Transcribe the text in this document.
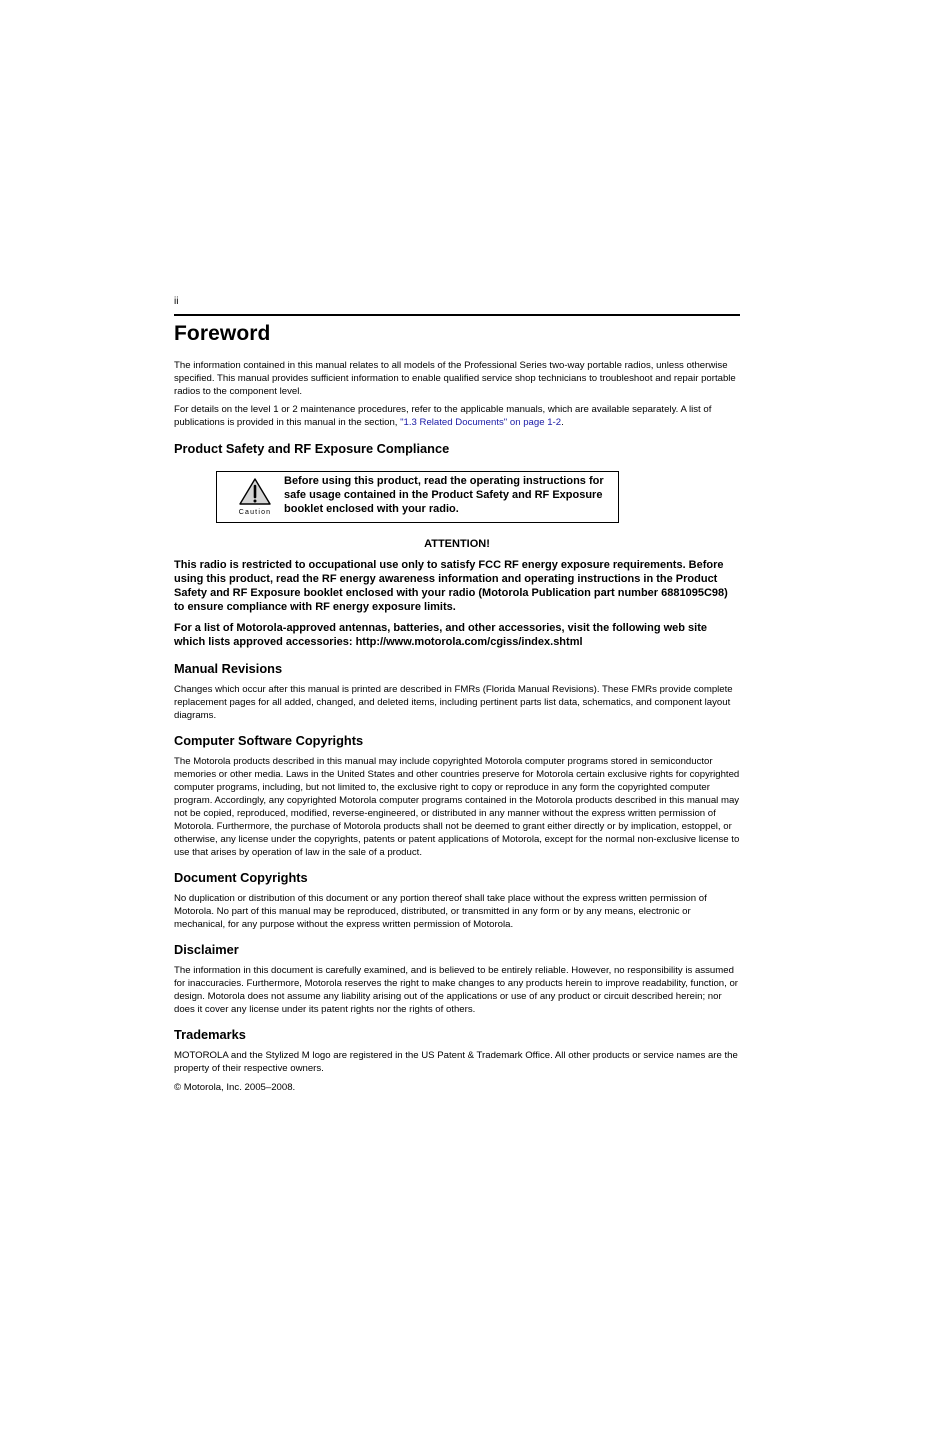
ii
Foreword

The information contained in this manual relates to all models of the Professional Series two-way portable radios, unless otherwise specified. This manual provides sufficient information to enable qualified service shop technicians to troubleshoot and repair portable radios to the component level.

For details on the level 1 or 2 maintenance procedures, refer to the applicable manuals, which are available separately. A list of publications is provided in this manual in the section, "1.3 Related Documents" on page 1-2.

Product Safety and RF Exposure Compliance
Caution
Before using this product, read the operating instructions for safe usage contained in the Product Safety and RF Exposure booklet enclosed with your radio.

ATTENTION!

This radio is restricted to occupational use only to satisfy FCC RF energy exposure requirements. Before using this product, read the RF energy awareness information and operating instructions in the Product Safety and RF Exposure booklet enclosed with your radio (Motorola Publication part number 6881095C98) to ensure compliance with RF energy exposure limits.

For a list of Motorola-approved antennas, batteries, and other accessories, visit the following web site which lists approved accessories: http://www.motorola.com/cgiss/index.shtml

Manual Revisions

Changes which occur after this manual is printed are described in FMRs (Florida Manual Revisions). These FMRs provide complete replacement pages for all added, changed, and deleted items, including pertinent parts list data, schematics, and component layout diagrams.

Computer Software Copyrights

The Motorola products described in this manual may include copyrighted Motorola computer programs stored in semiconductor memories or other media. Laws in the United States and other countries preserve for Motorola certain exclusive rights for copyrighted computer programs, including, but not limited to, the exclusive right to copy or reproduce in any form the copyrighted computer program. Accordingly, any copyrighted Motorola computer programs contained in the Motorola products described in this manual may not be copied, reproduced, modified, reverse-engineered, or distributed in any manner without the express written permission of Motorola. Furthermore, the purchase of Motorola products shall not be deemed to grant either directly or by implication, estoppel, or otherwise, any license under the copyrights, patents or patent applications of Motorola, except for the normal non-exclusive license to use that arises by operation of law in the sale of a product.

Document Copyrights

No duplication or distribution of this document or any portion thereof shall take place without the express written permission of Motorola. No part of this manual may be reproduced, distributed, or transmitted in any form or by any means, electronic or mechanical, for any purpose without the express written permission of Motorola.

Disclaimer

The information in this document is carefully examined, and is believed to be entirely reliable. However, no responsibility is assumed for inaccuracies. Furthermore, Motorola reserves the right to make changes to any products herein to improve readability, function, or design. Motorola does not assume any liability arising out of the applications or use of any product or circuit described herein; nor does it cover any license under its patent rights nor the rights of others.

Trademarks

MOTOROLA and the Stylized M logo are registered in the US Patent & Trademark Office. All other products or service names are the property of their respective owners.

© Motorola, Inc. 2005–2008.
